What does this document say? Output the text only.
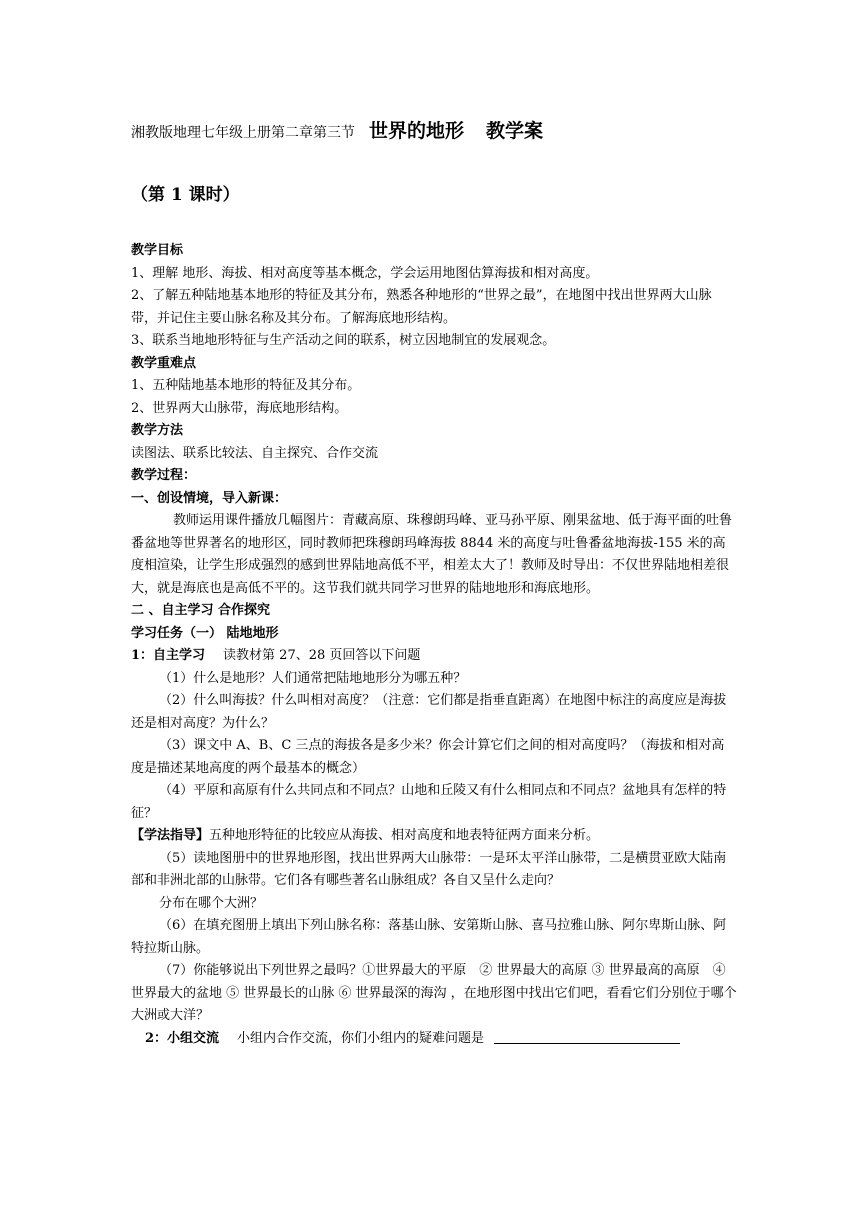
湘教版地理七年级上册第二章第三节 世界的地形 教学案
（第 1 课时）

教学目标

1、理解 地形、海拔、相对高度等基本概念，学会运用地图估算海拔和相对高度。

2、了解五种陆地基本地形的特征及其分布，熟悉各种地形的“世界之最”，在地图中找出世界两大山脉带，并记住主要山脉名称及其分布。了解海底地形结构。

3、联系当地地形特征与生产活动之间的联系，树立因地制宜的发展观念。

教学重难点

1、五种陆地基本地形的特征及其分布。

2、世界两大山脉带，海底地形结构。

教学方法

读图法、联系比较法、自主探究、合作交流

教学过程：

一、创设情境，导入新课：

教师运用课件播放几幅图片：青藏高原、珠穆朗玛峰、亚马孙平原、刚果盆地、低于海平面的吐鲁番盆地等世界著名的地形区，同时教师把珠穆朗玛峰海拔 8844 米的高度与吐鲁番盆地海拔-155 米的高度相渲染，让学生形成强烈的感到世界陆地高低不平，相差太大了！教师及时导出：不仅世界陆地相差很大，就是海底也是高低不平的。这节我们就共同学习世界的陆地地形和海底地形。

二 、自主学习 合作探究

学习任务（一） 陆地地形

1：自主学习 读教材第 27、28 页回答以下问题

（1）什么是地形？人们通常把陆地地形分为哪五种？

（2）什么叫海拔？什么叫相对高度？（注意：它们都是指垂直距离）在地图中标注的高度应是海拔还是相对高度？为什么？

（3）课文中 A、B、C 三点的海拔各是多少米？你会计算它们之间的相对高度吗？（海拔和相对高度是描述某地高度的两个最基本的概念）

（4）平原和高原有什么共同点和不同点？山地和丘陵又有什么相同点和不同点？盆地具有怎样的特征？

【学法指导】五种地形特征的比较应从海拔、相对高度和地表特征两方面来分析。

（5）读地图册中的世界地形图，找出世界两大山脉带：一是环太平洋山脉带，二是横贯亚欧大陆南部和非洲北部的山脉带。它们各有哪些著名山脉组成？各自又呈什么走向？

分布在哪个大洲？

（6）在填充图册上填出下列山脉名称：落基山脉、安第斯山脉、喜马拉雅山脉、阿尔卑斯山脉、阿特拉斯山脉。

（7）你能够说出下列世界之最吗？①世界最大的平原　② 世界最大的高原 ③ 世界最高的高原　④　世界最大的盆地 ⑤ 世界最长的山脉 ⑥ 世界最深的海沟 ，在地形图中找出它们吧，看看它们分别位于哪个大洲或大洋？

2：小组交流 小组内合作交流，你们小组内的疑难问题是
